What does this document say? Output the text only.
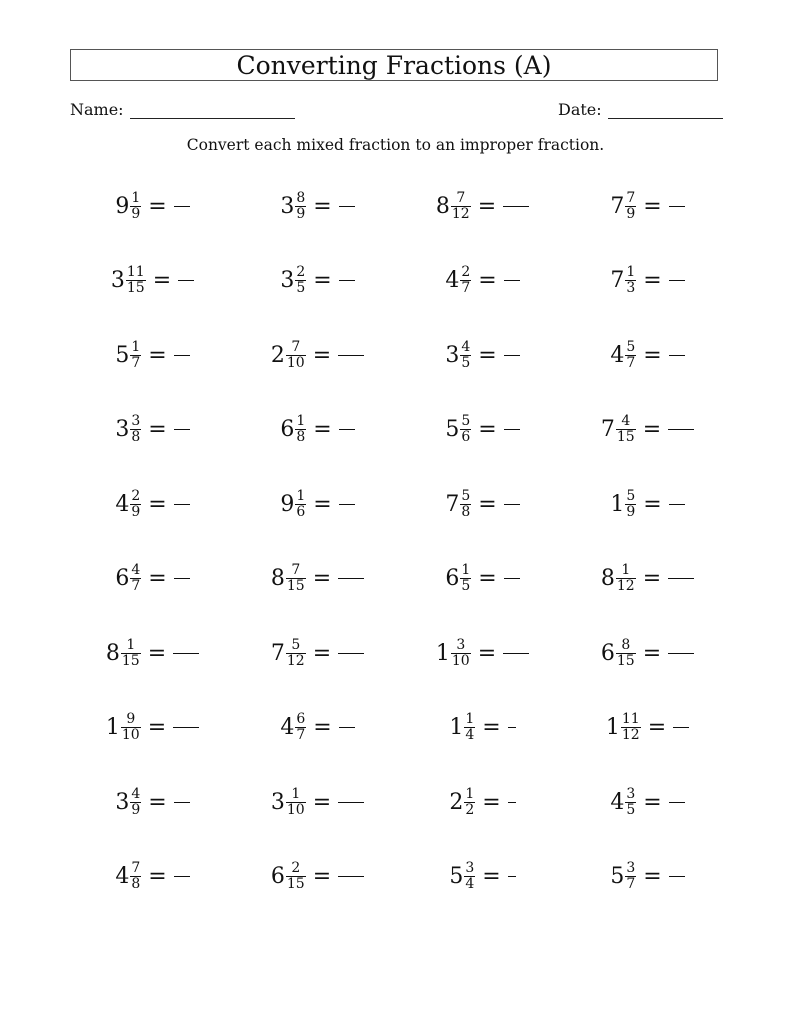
Converting Fractions (A)
Name:	Date:
Convert each mixed fraction to an improper fraction.
$9 \frac{1}{9}$ =	$3 \frac{8}{9}$ =	$8 \frac{7}{12}$ =	$7 \frac{7}{9}$ =
$3 \frac{11}{15}$ =	$3 \frac{2}{5}$ =	$4 \frac{2}{7}$ =	$7 \frac{1}{3}$ =
$5 \frac{1}{7}$ =	$2 \frac{7}{10}$ =	$3 \frac{4}{5}$ =	$4 \frac{5}{7}$ =
$3 \frac{3}{8}$ =	$6 \frac{1}{8}$ =	$5 \frac{5}{6}$ =	$7 \frac{4}{15}$ =
$4 \frac{2}{9}$ =	$9 \frac{1}{6}$ =	$7 \frac{5}{8}$ =	$1 \frac{5}{9}$ =
$6 \frac{4}{7}$ =	$8 \frac{7}{15}$ =	$6 \frac{1}{5}$ =	$8 \frac{1}{12}$ =
$8 \frac{1}{15}$ =	$7 \frac{5}{12}$ =	$1 \frac{3}{10}$ =	$6 \frac{8}{15}$ =
$1 \frac{9}{10}$ =	$4 \frac{6}{7}$ =	$1 \frac{1}{4}$ =	$1 \frac{11}{12}$ =
$3 \frac{4}{9}$ =	$3 \frac{1}{10}$ =	$2 \frac{1}{2}$ =	$4 \frac{3}{5}$ =
$4 \frac{7}{8}$ =	$6 \frac{2}{15}$ =	$5 \frac{3}{4}$ =	$5 \frac{3}{7}$ =
